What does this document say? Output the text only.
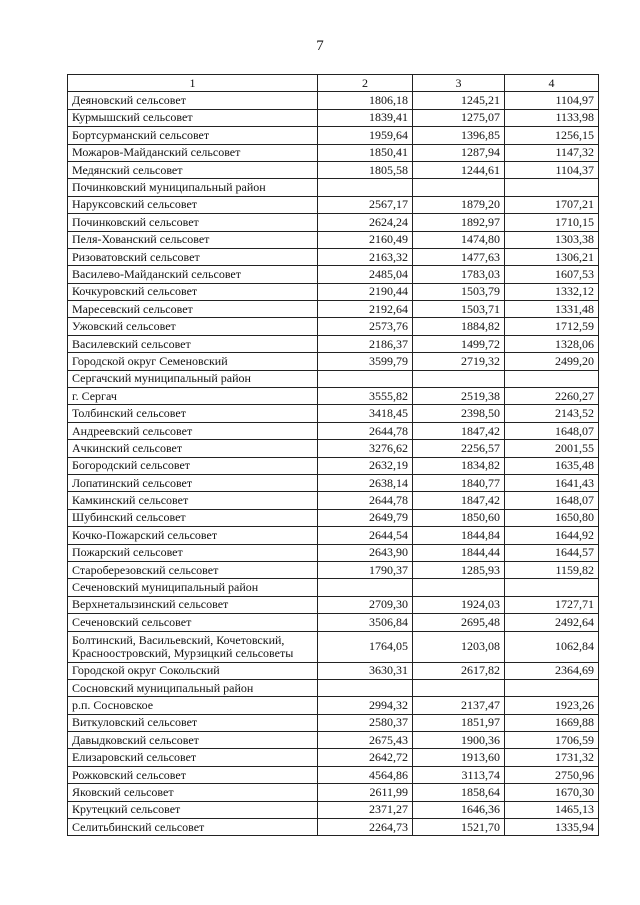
7
1	2	3	4
Деяновский сельсовет	1806,18	1245,21	1104,97
Курмышский сельсовет	1839,41	1275,07	1133,98
Бортсурманский сельсовет	1959,64	1396,85	1256,15
Можаров-Майданский сельсовет	1850,41	1287,94	1147,32
Медянский сельсовет	1805,58	1244,61	1104,37
Починковский муниципальный район			
Наруксовский сельсовет	2567,17	1879,20	1707,21
Починковский сельсовет	2624,24	1892,97	1710,15
Пеля-Хованский сельсовет	2160,49	1474,80	1303,38
Ризоватовский сельсовет	2163,32	1477,63	1306,21
Василево-Майданский сельсовет	2485,04	1783,03	1607,53
Кочкуровский сельсовет	2190,44	1503,79	1332,12
Маресевский сельсовет	2192,64	1503,71	1331,48
Ужовский сельсовет	2573,76	1884,82	1712,59
Василевский сельсовет	2186,37	1499,72	1328,06
Городской округ Семеновский	3599,79	2719,32	2499,20
Сергачский муниципальный район			
г. Сергач	3555,82	2519,38	2260,27
Толбинский сельсовет	3418,45	2398,50	2143,52
Андреевский сельсовет	2644,78	1847,42	1648,07
Ачкинский сельсовет	3276,62	2256,57	2001,55
Богородский сельсовет	2632,19	1834,82	1635,48
Лопатинский сельсовет	2638,14	1840,77	1641,43
Камкинский сельсовет	2644,78	1847,42	1648,07
Шубинский сельсовет	2649,79	1850,60	1650,80
Кочко-Пожарский сельсовет	2644,54	1844,84	1644,92
Пожарский сельсовет	2643,90	1844,44	1644,57
Староберезовский сельсовет	1790,37	1285,93	1159,82
Сеченовский муниципальный район			
Верхнеталызинский сельсовет	2709,30	1924,03	1727,71
Сеченовский сельсовет	3506,84	2695,48	2492,64
Болтинский, Васильевский, Кочетовский, Красноостровский, Мурзицкий сельсоветы	1764,05	1203,08	1062,84
Городской округ Сокольский	3630,31	2617,82	2364,69
Сосновский муниципальный район			
р.п. Сосновское	2994,32	2137,47	1923,26
Виткуловский сельсовет	2580,37	1851,97	1669,88
Давыдковский сельсовет	2675,43	1900,36	1706,59
Елизаровский сельсовет	2642,72	1913,60	1731,32
Рожковский сельсовет	4564,86	3113,74	2750,96
Яковский сельсовет	2611,99	1858,64	1670,30
Крутецкий сельсовет	2371,27	1646,36	1465,13
Селитьбинский сельсовет	2264,73	1521,70	1335,94
